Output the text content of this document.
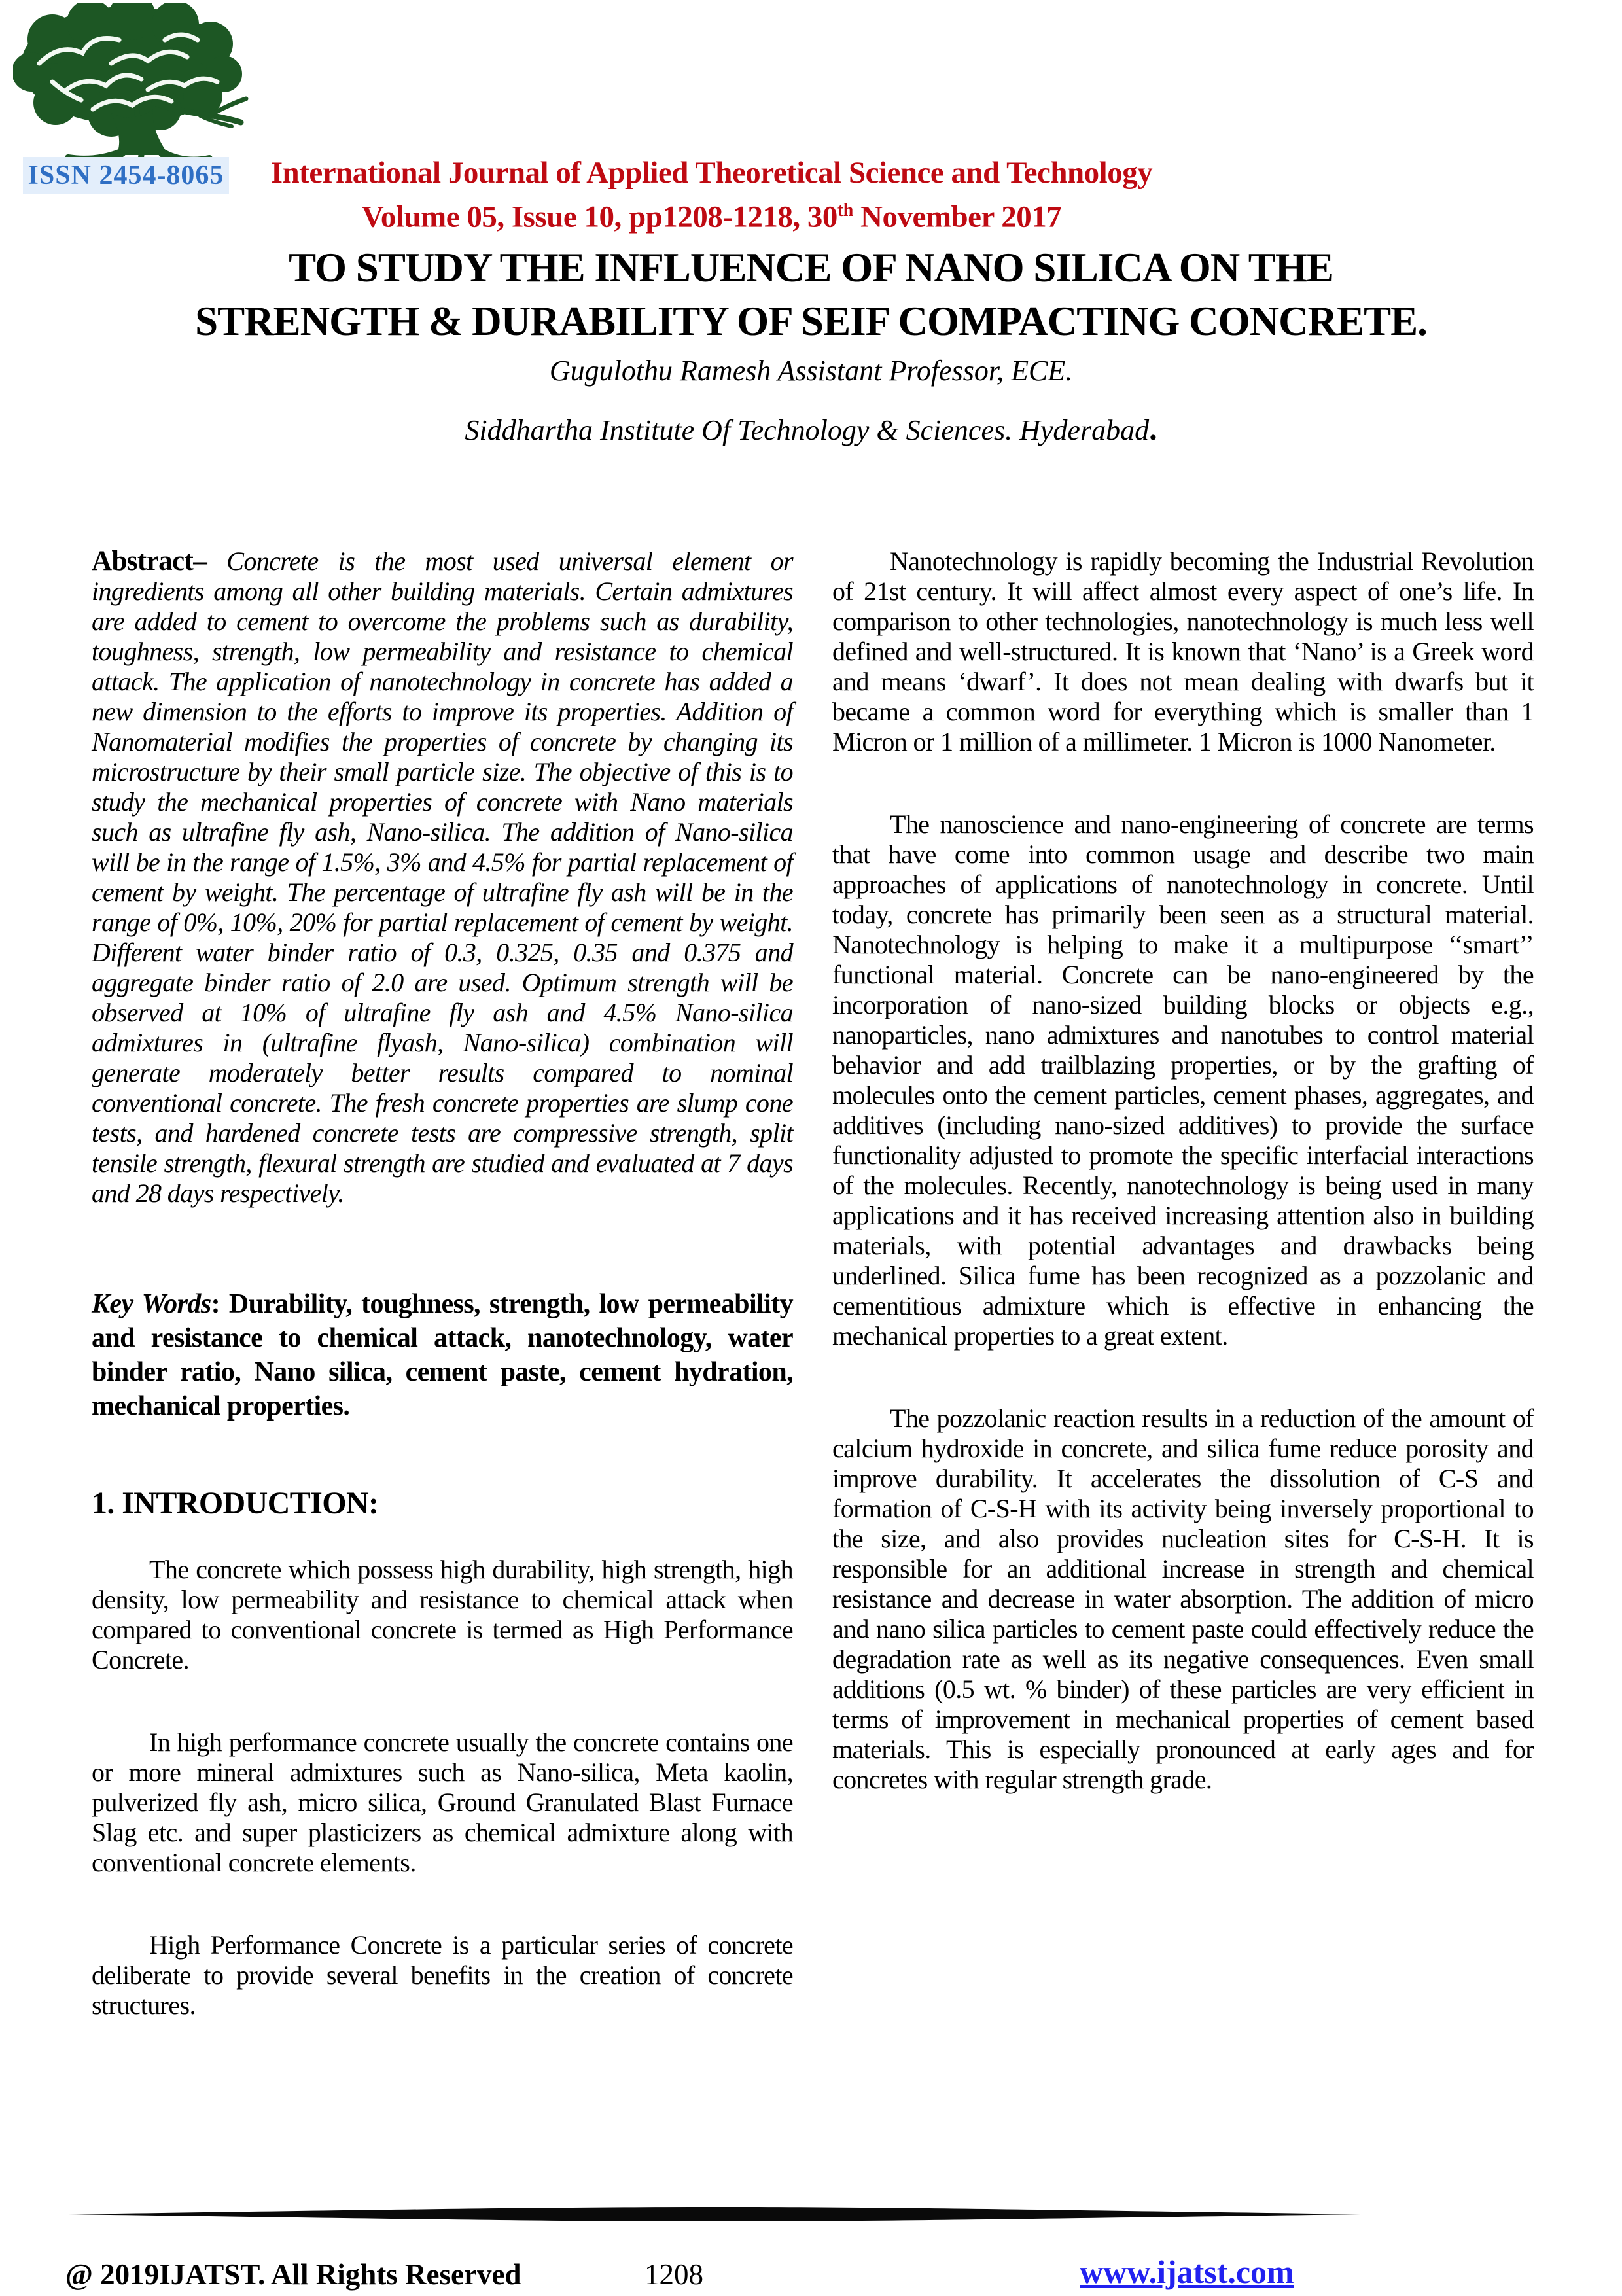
ISSN 2454-8065	International Journal of Applied Theoretical Science and Technology
Volume 05, Issue 10, pp1208-1218, 30th November 2017
TO STUDY THE INFLUENCE OF NANO SILICA ON THE
STRENGTH & DURABILITY OF SEIF COMPACTING CONCRETE.
Gugulothu Ramesh Assistant Professor, ECE.
Siddhartha Institute Of Technology & Sciences. Hyderabad.

Abstract– Concrete is the most used universal element or ingredients among all other building materials. Certain admixtures are added to cement to overcome the problems such as durability, toughness, strength, low permeability and resistance to chemical attack. The application of nanotechnology in concrete has added a new dimension to the efforts to improve its properties. Addition of Nanomaterial modifies the properties of concrete by changing its microstructure by their small particle size. The objective of this is to study the mechanical properties of concrete with Nano materials such as ultrafine fly ash, Nano-silica. The addition of Nano-silica will be in the range of 1.5%, 3% and 4.5% for partial replacement of cement by weight. The percentage of ultrafine fly ash will be in the range of 0%, 10%, 20% for partial replacement of cement by weight. Different water binder ratio of 0.3, 0.325, 0.35 and 0.375 and aggregate binder ratio of 2.0 are used. Optimum strength will be observed at 10% of ultrafine fly ash and 4.5% Nano-silica admixtures in (ultrafine flyash, Nano-silica) combination will generate moderately better results compared to nominal conventional concrete. The fresh concrete properties are slump cone tests, and hardened concrete tests are compressive strength, split tensile strength, flexural strength are studied and evaluated at 7 days and 28 days respectively.

Key Words: Durability, toughness, strength, low permeability and resistance to chemical attack, nanotechnology, water binder ratio, Nano silica, cement paste, cement hydration, mechanical properties.

1. INTRODUCTION:

The concrete which possess high durability, high strength, high density, low permeability and resistance to chemical attack when compared to conventional concrete is termed as High Performance Concrete.

In high performance concrete usually the concrete contains one or more mineral admixtures such as Nano-silica, Meta kaolin, pulverized fly ash, micro silica, Ground Granulated Blast Furnace Slag etc. and super plasticizers as chemical admixture along with conventional concrete elements.

High Performance Concrete is a particular series of concrete deliberate to provide several benefits in the creation of concrete structures.

Nanotechnology is rapidly becoming the Industrial Revolution of 21st century. It will affect almost every aspect of one’s life. In comparison to other technologies, nanotechnology is much less well defined and well-structured. It is known that ‘Nano’ is a Greek word and means ‘dwarf’. It does not mean dealing with dwarfs but it became a common word for everything which is smaller than 1 Micron or 1 million of a millimeter. 1 Micron is 1000 Nanometer.

The nanoscience and nano-engineering of concrete are terms that have come into common usage and describe two main approaches of applications of nanotechnology in concrete. Until today, concrete has primarily been seen as a structural material. Nanotechnology is helping to make it a multipurpose ‘‘smart’’ functional material. Concrete can be nano-engineered by the incorporation of nano-sized building blocks or objects e.g., nanoparticles, nano admixtures and nanotubes to control material behavior and add trailblazing properties, or by the grafting of molecules onto the cement particles, cement phases, aggregates, and additives (including nano-sized additives) to provide the surface functionality adjusted to promote the specific interfacial interactions of the molecules. Recently, nanotechnology is being used in many applications and it has received increasing attention also in building materials, with potential advantages and drawbacks being underlined. Silica fume has been recognized as a pozzolanic and cementitious admixture which is effective in enhancing the mechanical properties to a great extent.

The pozzolanic reaction results in a reduction of the amount of calcium hydroxide in concrete, and silica fume reduce porosity and improve durability. It accelerates the dissolution of C-S and formation of C-S-H with its activity being inversely proportional to the size, and also provides nucleation sites for C-S-H. It is responsible for an additional increase in strength and chemical resistance and decrease in water absorption. The addition of micro and nano silica particles to cement paste could effectively reduce the degradation rate as well as its negative consequences. Even small additions (0.5 wt. % binder) of these particles are very efficient in terms of improvement in mechanical properties of cement based materials. This is especially pronounced at early ages and for concretes with regular strength grade.

@ 2019IJATST. All Rights Reserved	1208	www.ijatst.com
